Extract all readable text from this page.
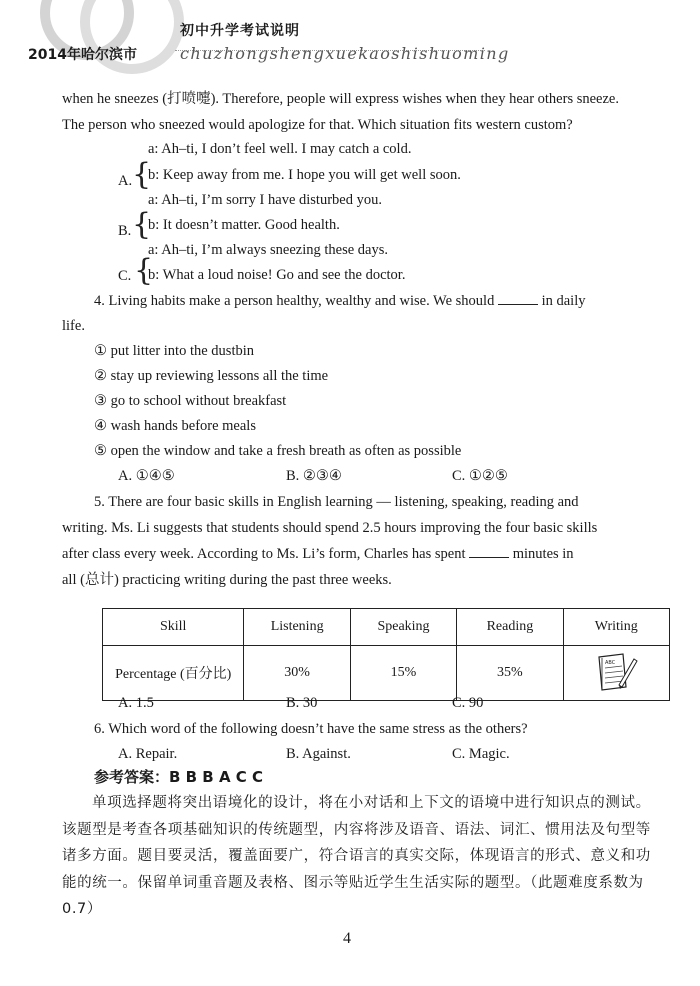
初中升学考试说明
2014年哈尔滨市	chuzhongshengxuekaoshishuoming
when he sneezes (打喷嚏). Therefore, people will express wishes when they hear others sneeze.
The person who sneezed would apologize for that. Which situation fits western custom?
a: Ah–ti, I don’t feel well. I may catch a cold.
A. {
b: Keep away from me. I hope you will get well soon.
a: Ah–ti, I’m sorry I have disturbed you.
B. {
b: It doesn’t matter. Good health.
a: Ah–ti, I’m always sneezing these days.
C. {
b: What a loud noise! Go and see the doctor.
4. Living habits make a person healthy, wealthy and wise. We should	in daily
life.
① put litter into the dustbin
② stay up reviewing lessons all the time
③ go to school without breakfast
④ wash hands before meals
⑤ open the window and take a fresh breath as often as possible
A. ①④⑤	B. ②③④	C. ①②⑤
5. There are four basic skills in English learning — listening, speaking, reading and
writing. Ms. Li suggests that students should spend 2.5 hours improving the four basic skills
after class every week. According to Ms. Li’s form, Charles has spent	minutes in
all (总计) practicing writing during the past three weeks.
Skill	Listening	Speaking	Reading	Writing
Percentage (百分比)	30%	15%	35%	ABC
A. 1.5	B. 30	C. 90
6. Which word of the following doesn’t have the same stress as the others?
A. Repair.	B. Against.	C. Magic.
参考答案：B B B A C C
单项选择题将突出语境化的设计，将在小对话和上下文的语境中进行知识点的测试。该题型是考查各项基础知识的传统题型，内容将涉及语音、语法、词汇、惯用法及句型等诸多方面。题目要灵活，覆盖面要广，符合语言的真实交际，体现语言的形式、意义和功能的统一。保留单词重音题及表格、图示等贴近学生生活实际的题型。（此题难度系数为 0.7）
4
